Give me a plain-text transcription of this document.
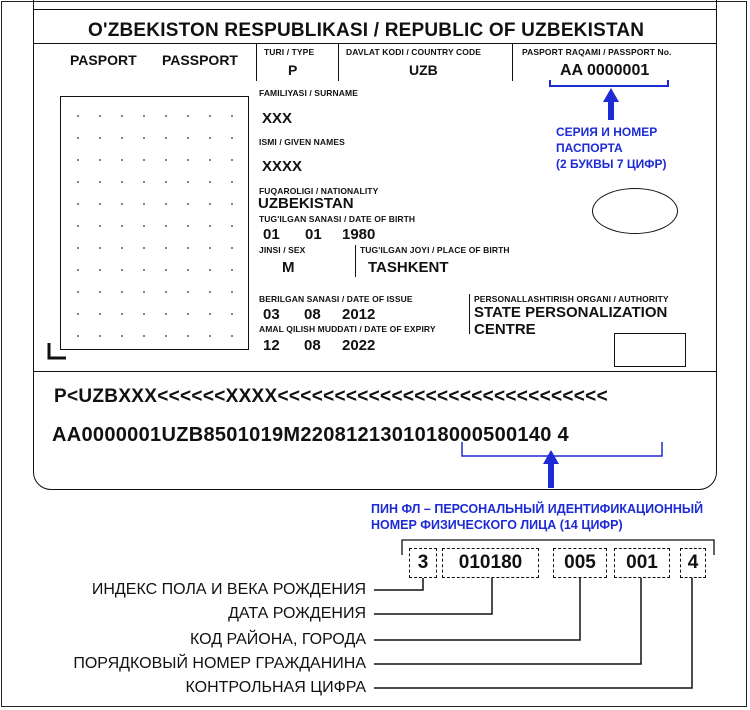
O'ZBEKISTON RESPUBLIKASI / REPUBLIC OF UZBEKISTAN
PASPORT PASSPORT	TURI / TYPE
P
DAVLAT KODI / COUNTRY CODE
UZB
PASPORT RAQAMI / PASSPORT No.
AA 0000001
СЕРИЯ И НОМЕР
ПАСПОРТА
(2 БУКВЫ 7 ЦИФР)
FAMILIYASI / SURNAME
XXX
ISMI / GIVEN NAMES
XXXX
FUQAROLIGI / NATIONALITY
UZBEKISTAN
TUG'ILGAN SANASI / DATE OF BIRTH
01 01 1980
JINSI / SEX
M
TUG'ILGAN JOYI / PLACE OF BIRTH
TASHKENT
BERILGAN SANASI / DATE OF ISSUE
03 08 2012
AMAL QILISH MUDDATI / DATE OF EXPIRY
12 08 2022
PERSONALLASHTIRISH ORGANI / AUTHORITY
STATE PERSONALIZATION
CENTRE
P<UZBXXX<<<<<<XXXX<<<<<<<<<<<<<<<<<<<<<<<<<<<<<
AA0000001UZB8501019M2208121301018000500140 4
ПИН ФЛ – ПЕРСОНАЛЬНЫЙ ИДЕНТИФИКАЦИОННЫЙ
НОМЕР ФИЗИЧЕСКОГО ЛИЦА (14 ЦИФР)
3	010180	005	001	4
ИНДЕКС ПОЛА И ВЕКА РОЖДЕНИЯ
ДАТА РОЖДЕНИЯ
КОД РАЙОНА, ГОРОДА
ПОРЯДКОВЫЙ НОМЕР ГРАЖДАНИНА
КОНТРОЛЬНАЯ ЦИФРА
